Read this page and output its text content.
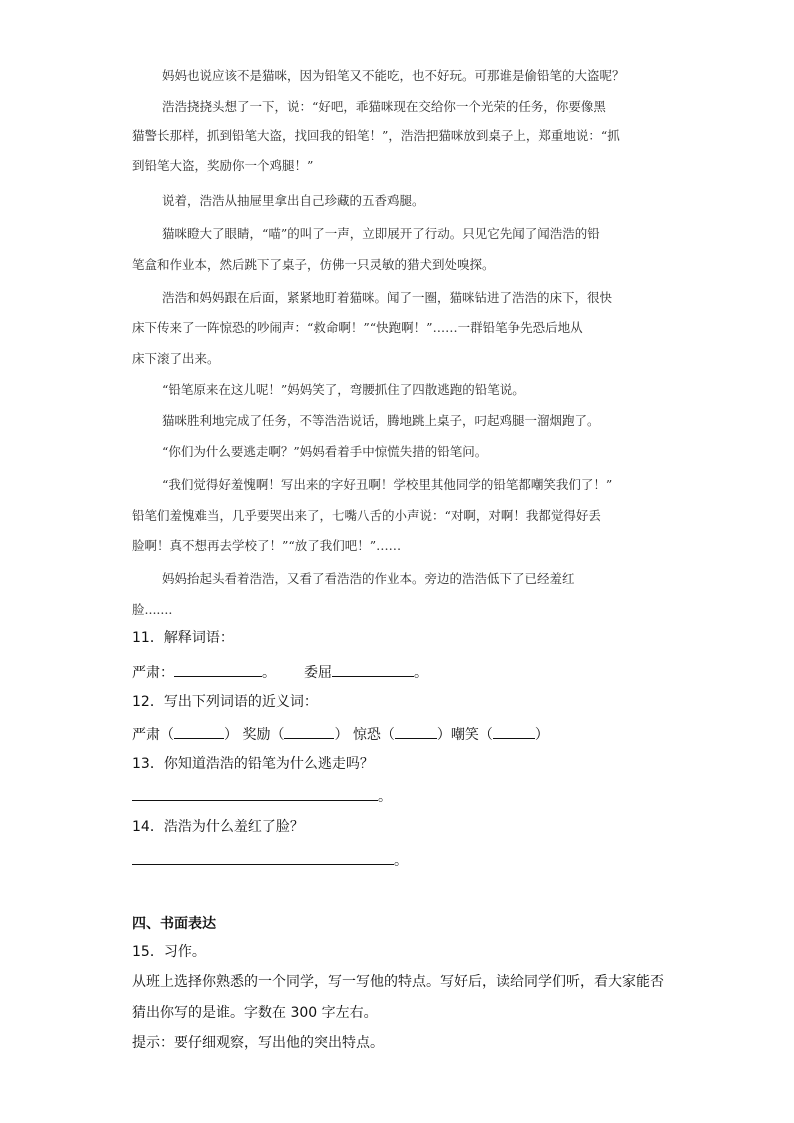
妈妈也说应该不是猫咪，因为铅笔又不能吃，也不好玩。可那谁是偷铅笔的大盗呢？

浩浩挠挠头想了一下，说：“好吧，乖猫咪现在交给你一个光荣的任务，你要像黑

猫警长那样，抓到铅笔大盗，找回我的铅笔！”，浩浩把猫咪放到桌子上，郑重地说：“抓

到铅笔大盗，奖励你一个鸡腿！”

说着，浩浩从抽屉里拿出自己珍藏的五香鸡腿。

猫咪瞪大了眼睛，“喵”的叫了一声，立即展开了行动。只见它先闻了闻浩浩的铅

笔盒和作业本，然后跳下了桌子，仿佛一只灵敏的猎犬到处嗅探。

浩浩和妈妈跟在后面，紧紧地盯着猫咪。闻了一圈，猫咪钻进了浩浩的床下，很快

床下传来了一阵惊恐的吵闹声：“救命啊！”“快跑啊！”……一群铅笔争先恐后地从

床下滚了出来。

“铅笔原来在这儿呢！”妈妈笑了，弯腰抓住了四散逃跑的铅笔说。

猫咪胜利地完成了任务，不等浩浩说话，腾地跳上桌子，叼起鸡腿一溜烟跑了。

“你们为什么要逃走啊？”妈妈看着手中惊慌失措的铅笔问。

“我们觉得好羞愧啊！写出来的字好丑啊！学校里其他同学的铅笔都嘲笑我们了！”

铅笔们羞愧难当，几乎要哭出来了，七嘴八舌的小声说：“对啊，对啊！我都觉得好丢

脸啊！真不想再去学校了！”“放了我们吧！”……

妈妈抬起头看着浩浩，又看了看浩浩的作业本。旁边的浩浩低下了已经羞红

脸.......

11．解释词语：

严肃：	。 委屈	。

12．写出下列词语的近义词：

严肃（	） 奖励（	） 惊恐（	）嘲笑（	）

13．你知道浩浩的铅笔为什么逃走吗？

。

14．浩浩为什么羞红了脸？

。

四、书面表达

15．习作。

从班上选择你熟悉的一个同学，写一写他的特点。写好后，读给同学们听，看大家能否

猜出你写的是谁。字数在 300 字左右。

提示：要仔细观察，写出他的突出特点。
